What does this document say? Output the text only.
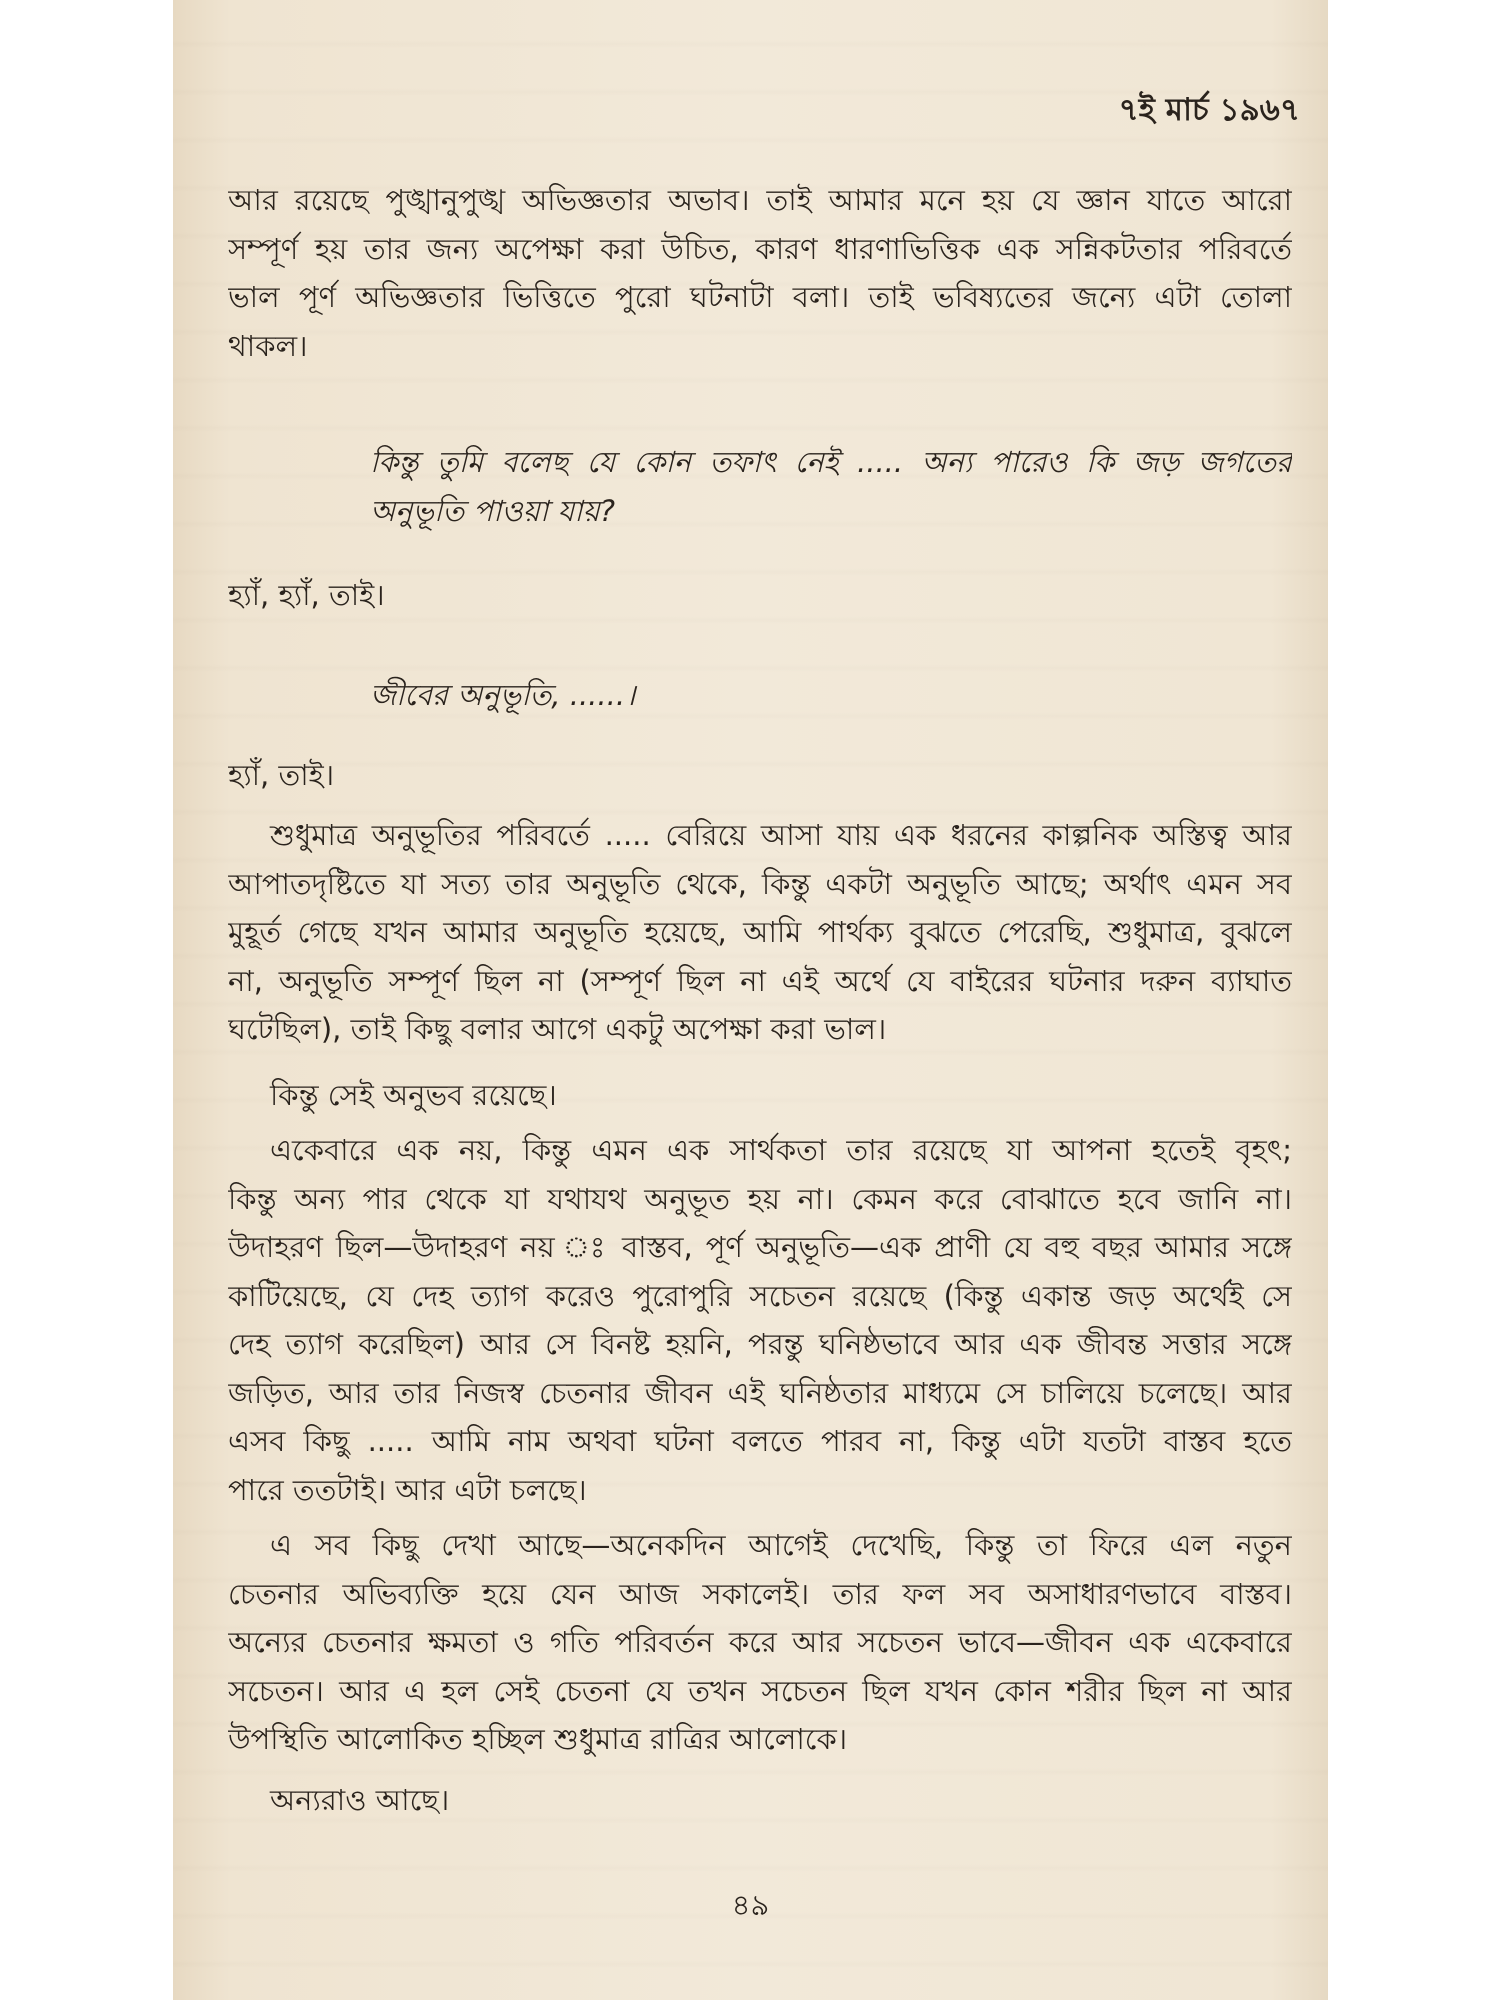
৭ই মার্চ ১৯৬৭
আর রয়েছে পুঙ্খানুপুঙ্খ অভিজ্ঞতার অভাব। তাই আমার মনে হয় যে জ্ঞান যাতে আরো
সম্পূর্ণ হয় তার জন্য অপেক্ষা করা উচিত, কারণ ধারণাভিত্তিক এক সন্নিকটতার পরিবর্তে
ভাল পূর্ণ অভিজ্ঞতার ভিত্তিতে পুরো ঘটনাটা বলা। তাই ভবিষ্যতের জন্যে এটা তোলা
থাকল।
কিন্তু তুমি বলেছ যে কোন তফাৎ নেই ..... অন্য পারেও কি জড় জগতের
অনুভূতি পাওয়া যায়?
হ্যাঁ, হ্যাঁ, তাই।
জীবের অনুভূতি, ......।
হ্যাঁ, তাই।
শুধুমাত্র অনুভূতির পরিবর্তে ..... বেরিয়ে আসা যায় এক ধরনের কাল্পনিক অস্তিত্ব আর
আপাতদৃষ্টিতে যা সত্য তার অনুভূতি থেকে, কিন্তু একটা অনুভূতি আছে; অর্থাৎ এমন সব
মুহূর্ত গেছে যখন আমার অনুভূতি হয়েছে, আমি পার্থক্য বুঝতে পেরেছি, শুধুমাত্র, বুঝলে
না, অনুভূতি সম্পূর্ণ ছিল না (সম্পূর্ণ ছিল না এই অর্থে যে বাইরের ঘটনার দরুন ব্যাঘাত
ঘটেছিল), তাই কিছু বলার আগে একটু অপেক্ষা করা ভাল।
কিন্তু সেই অনুভব রয়েছে।
একেবারে এক নয়, কিন্তু এমন এক সার্থকতা তার রয়েছে যা আপনা হতেই বৃহৎ;
কিন্তু অন্য পার থেকে যা যথাযথ অনুভূত হয় না। কেমন করে বোঝাতে হবে জানি না।
উদাহরণ ছিল—উদাহরণ নয় ঃ বাস্তব, পূর্ণ অনুভূতি—এক প্রাণী যে বহু বছর আমার সঙ্গে
কাটিয়েছে, যে দেহ ত্যাগ করেও পুরোপুরি সচেতন রয়েছে (কিন্তু একান্ত জড় অর্থেই সে
দেহ ত্যাগ করেছিল) আর সে বিনষ্ট হয়নি, পরন্তু ঘনিষ্ঠভাবে আর এক জীবন্ত সত্তার সঙ্গে
জড়িত, আর তার নিজস্ব চেতনার জীবন এই ঘনিষ্ঠতার মাধ্যমে সে চালিয়ে চলেছে। আর
এসব কিছু ..... আমি নাম অথবা ঘটনা বলতে পারব না, কিন্তু এটা যতটা বাস্তব হতে
পারে ততটাই। আর এটা চলছে।
এ সব কিছু দেখা আছে—অনেকদিন আগেই দেখেছি, কিন্তু তা ফিরে এল নতুন
চেতনার অভিব্যক্তি হয়ে যেন আজ সকালেই। তার ফল সব অসাধারণভাবে বাস্তব।
অন্যের চেতনার ক্ষমতা ও গতি পরিবর্তন করে আর সচেতন ভাবে—জীবন এক একেবারে
সচেতন। আর এ হল সেই চেতনা যে তখন সচেতন ছিল যখন কোন শরীর ছিল না আর
উপস্থিতি আলোকিত হচ্ছিল শুধুমাত্র রাত্রির আলোকে।
অন্যরাও আছে।
৪৯
